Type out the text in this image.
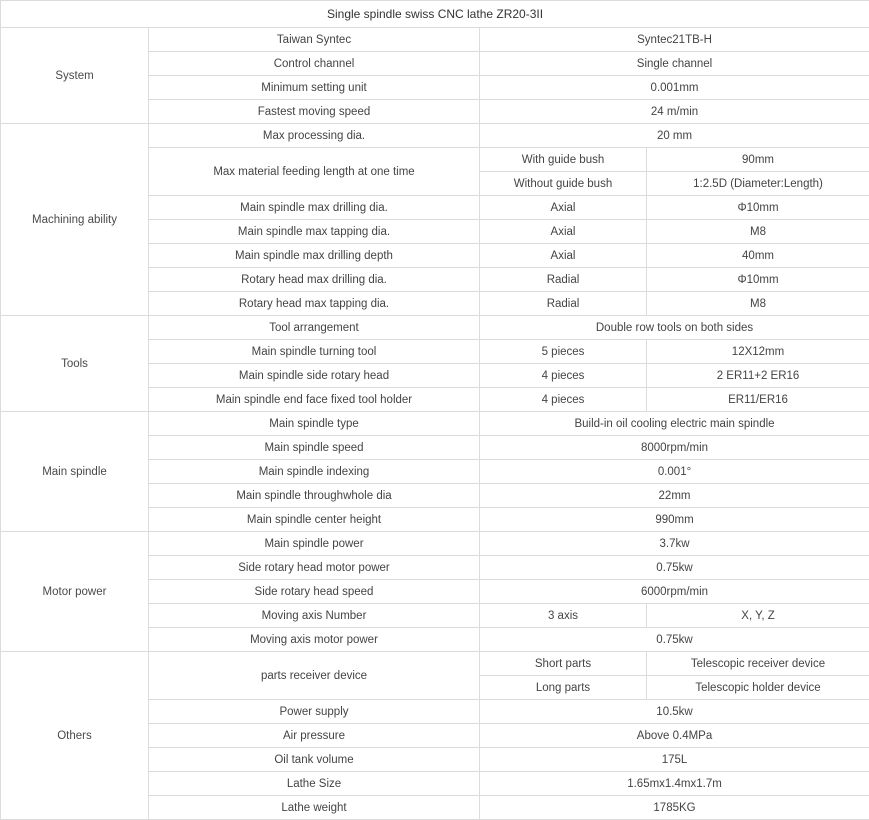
Single spindle swiss CNC lathe ZR20-3II			
System	Taiwan Syntec	Syntec21TB-H	
	Control channel	Single channel	
	Minimum setting unit	0.001mm	
	Fastest moving speed	24 m/min	
Machining ability	Max processing dia.	20 mm	
	Max material feeding length at one time	With guide bush	90mm
		Without guide bush	1:2.5D (Diameter:Length)
	Main spindle max drilling dia.	Axial	Φ10mm
	Main spindle max tapping dia.	Axial	M8
	Main spindle max drilling depth	Axial	40mm
	Rotary head max drilling dia.	Radial	Φ10mm
	Rotary head max tapping dia.	Radial	M8
Tools	Tool arrangement	Double row tools on both sides	
	Main spindle turning tool	5 pieces	12X12mm
	Main spindle side rotary head	4 pieces	2 ER11+2 ER16
	Main spindle end face fixed tool holder	4 pieces	ER11/ER16
Main spindle	Main spindle type	Build-in oil cooling electric main spindle	
	Main spindle speed	8000rpm/min	
	Main spindle indexing	0.001°	
	Main spindle throughwhole dia	22mm	
	Main spindle center height	990mm	
Motor power	Main spindle power	3.7kw	
	Side rotary head motor power	0.75kw	
	Side rotary head speed	6000rpm/min	
	Moving axis Number	3 axis	X, Y, Z
	Moving axis motor power	0.75kw	
Others	parts receiver device	Short parts	Telescopic receiver device
		Long parts	Telescopic holder device
	Power supply	10.5kw	
	Air pressure	Above 0.4MPa	
	Oil tank volume	175L	
	Lathe Size	1.65mx1.4mx1.7m	
	Lathe weight	1785KG	
